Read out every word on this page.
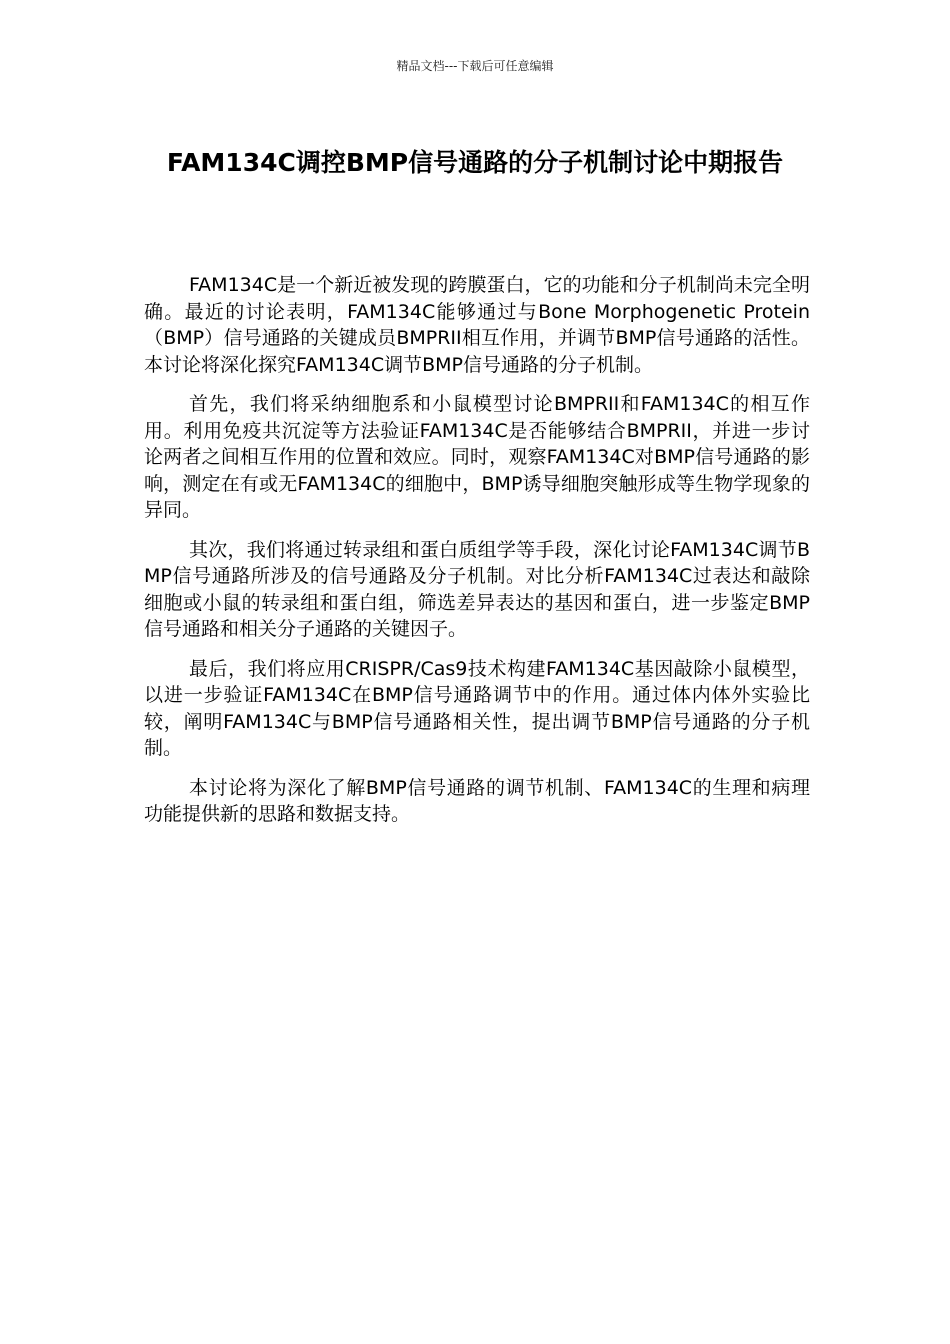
精品文档---下载后可任意编辑
FAM134C调控BMP信号通路的分子机制讨论中期报告

FAM134C是一个新近被发现的跨膜蛋白，它的功能和分子机制尚未完全明确。最近的讨论表明，FAM134C能够通过与Bone Morphogenetic Protein（BMP）信号通路的关键成员BMPRII相互作用，并调节BMP信号通路的活性。本讨论将深化探究FAM134C调节BMP信号通路的分子机制。

首先，我们将采纳细胞系和小鼠模型讨论BMPRII和FAM134C的相互作用。利用免疫共沉淀等方法验证FAM134C是否能够结合BMPRII，并进一步讨论两者之间相互作用的位置和效应。同时，观察FAM134C对BMP信号通路的影响，测定在有或无FAM134C的细胞中，BMP诱导细胞突触形成等生物学现象的异同。

其次，我们将通过转录组和蛋白质组学等手段，深化讨论FAM134C调节BMP信号通路所涉及的信号通路及分子机制。对比分析FAM134C过表达和敲除细胞或小鼠的转录组和蛋白组，筛选差异表达的基因和蛋白，进一步鉴定BMP信号通路和相关分子通路的关键因子。

最后，我们将应用CRISPR/Cas9技术构建FAM134C基因敲除小鼠模型，以进一步验证FAM134C在BMP信号通路调节中的作用。通过体内体外实验比较，阐明FAM134C与BMP信号通路相关性，提出调节BMP信号通路的分子机制。

本讨论将为深化了解BMP信号通路的调节机制、FAM134C的生理和病理功能提供新的思路和数据支持。
